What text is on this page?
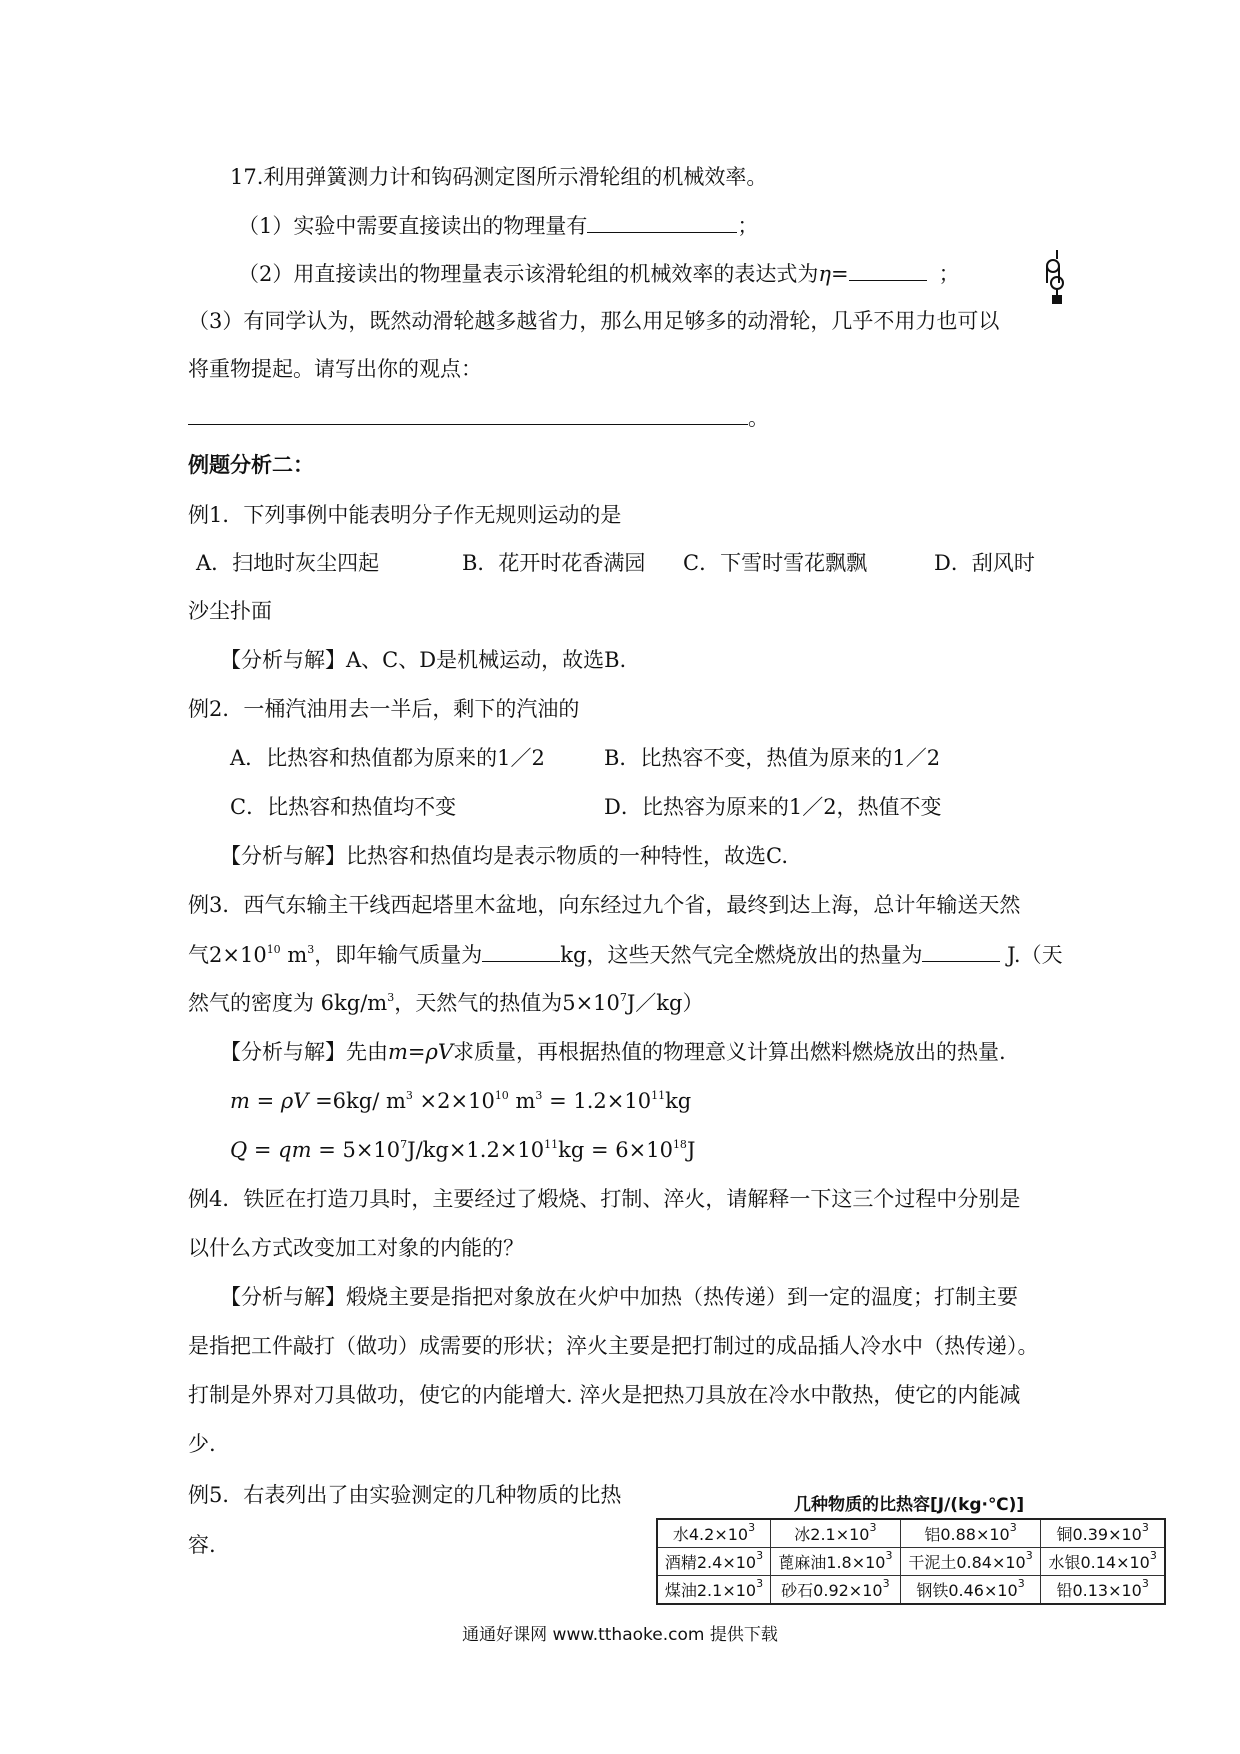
17.利用弹簧测力计和钩码测定图所示滑轮组的机械效率。
（1）实验中需要直接读出的物理量有	；
（2）用直接读出的物理量表示该滑轮组的机械效率的表达式为η=	；
（3）有同学认为，既然动滑轮越多越省力，那么用足够多的动滑轮，几乎不用力也可以
将重物提起。请写出你的观点：
。
例题分析二：
例1．下列事例中能表明分子作无规则运动的是
A．扫地时灰尘四起	B．花开时花香满园 C．下雪时雪花飘飘	D．刮风时
沙尘扑面
【分析与解】A、C、D是机械运动，故选B.
例2．一桶汽油用去一半后，剩下的汽油的
A．比热容和热值都为原来的1／2	B．比热容不变，热值为原来的1／2
C．比热容和热值均不变	D．比热容为原来的1／2，热值不变
【分析与解】比热容和热值均是表示物质的一种特性，故选C.
例3．西气东输主干线西起塔里木盆地，向东经过九个省，最终到达上海，总计年输送天然
气$2\times 10^{10}$ $m^3$，即年输气质量为	kg，这些天然气完全燃烧放出的热量为	J.（天
然气的密度为 $6kg/m^3$，天然气的热值为$5\times 10^7J/kg$）
【分析与解】先由m=ρV求质量，再根据热值的物理意义计算出燃料燃烧放出的热量.
m = ρV =6kg/ $m^3 \times 2\times 10^{10}$ $m^3 = 1.2\times 10^{11}kg$
Q = qm = $5\times 10^7J/kg\times 1.2\times 10^{11}kg = 6\times 10^{18}J$
例4．铁匠在打造刀具时，主要经过了煅烧、打制、淬火，请解释一下这三个过程中分别是
以什么方式改变加工对象的内能的？
【分析与解】煅烧主要是指把对象放在火炉中加热（热传递）到一定的温度；打制主要
是指把工件敲打（做功）成需要的形状；淬火主要是把打制过的成品插人冷水中（热传递）。
打制是外界对刀具做功，使它的内能增大. 淬火是把热刀具放在冷水中散热，使它的内能减
少.
例5．右表列出了由实验测定的几种物质的比热
容.
几种物质的比热容[J/(kg·℃)]
水$4.2\times 10^3$	冰$2.1\times 10^3$	铝$0.88\times 10^3$	铜$0.39\times 10^3$
酒精$2.4\times 10^3$	蓖麻油$1.8\times 10^3$	干泥土$0.84\times 10^3$	水银$0.14\times 10^3$
煤油$2.1\times 10^3$	砂石$0.92\times 10^3$	钢铁$0.46\times 10^3$	铅$0.13\times 10^3$
通通好课网 www.tthaoke.com 提供下载
